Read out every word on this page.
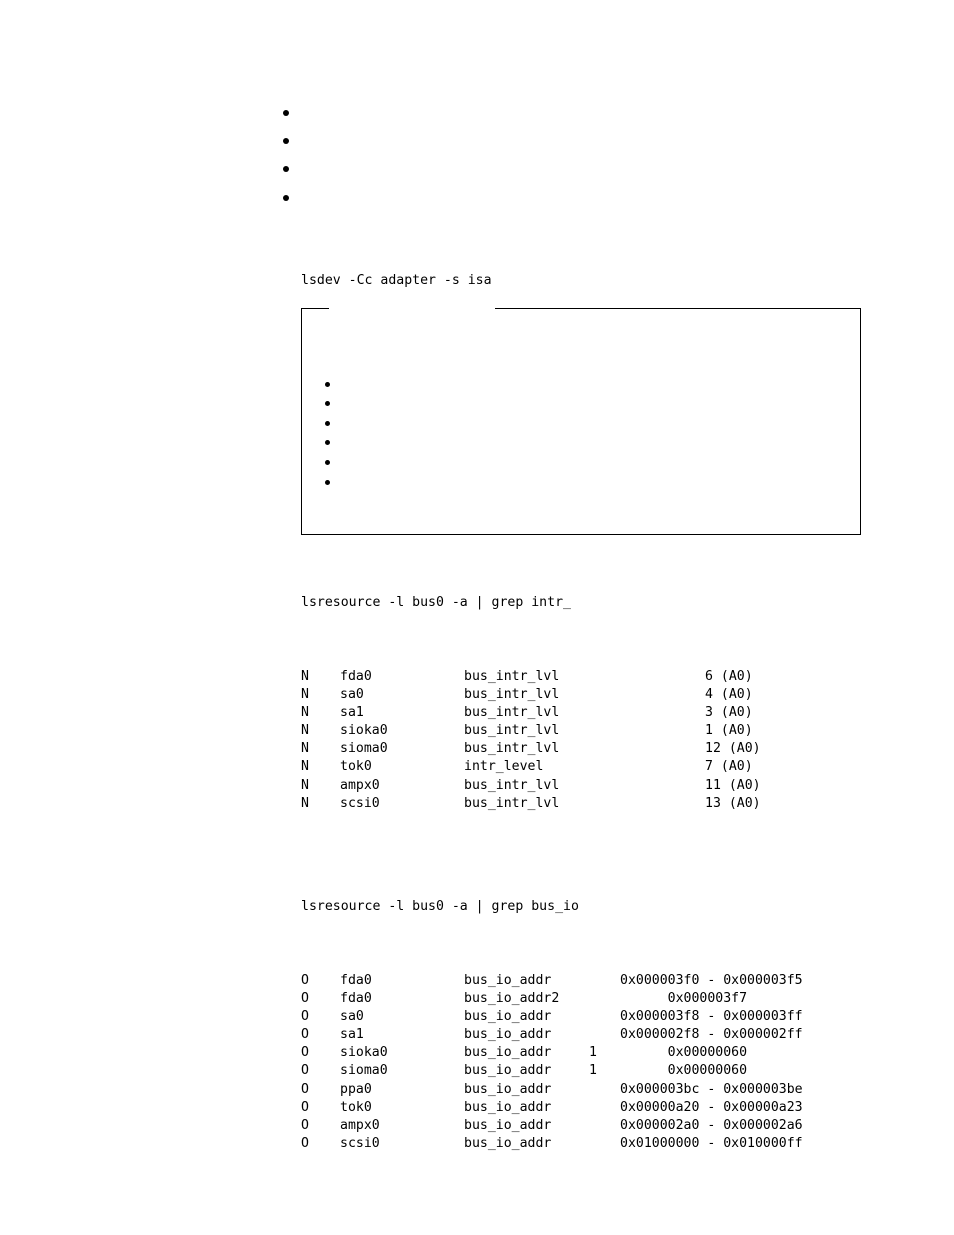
lsdev -Cc adapter -s isa
lsresource -l bus0 -a | grep intr_
N fda0	bus_intr_lvl	6 (A0)
N sa0	bus_intr_lvl	4 (A0)
N sa1	bus_intr_lvl	3 (A0)
N sioka0	bus_intr_lvl	1 (A0)
N sioma0	bus_intr_lvl	12 (A0)
N tok0	intr_level	7 (A0)
N ampx0	bus_intr_lvl	11 (A0)
N scsi0	bus_intr_lvl	13 (A0)
lsresource -l bus0 -a | grep bus_io
O fda0	bus_io_addr	0x000003f0 - 0x000003f5
O fda0	bus_io_addr2	0x000003f7
O sa0	bus_io_addr	0x000003f8 - 0x000003ff
O sa1	bus_io_addr	0x000002f8 - 0x000002ff
O sioka0	bus_io_addr	1 0x00000060
O sioma0	bus_io_addr	1 0x00000060
O ppa0	bus_io_addr	0x000003bc - 0x000003be
O tok0	bus_io_addr	0x00000a20 - 0x00000a23
O ampx0	bus_io_addr	0x000002a0 - 0x000002a6
O scsi0	bus_io_addr	0x01000000 - 0x010000ff
